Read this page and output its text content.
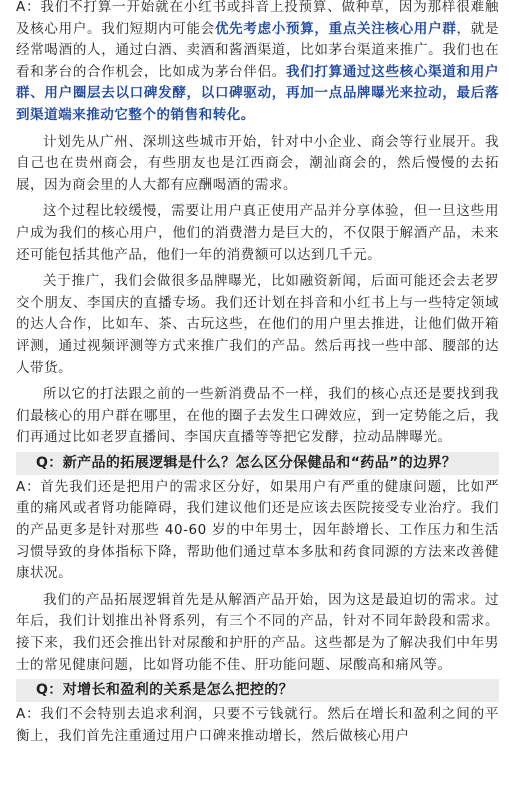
A：我们不打算一开始就在小红书或抖音上投预算、做种草，因为那样很难触及核心用户。我们短期内可能会优先考虑小预算，重点关注核心用户群，就是经常喝酒的人，通过白酒、卖酒和酱酒渠道，比如茅台渠道来推广。我们也在看和茅台的合作机会，比如成为茅台伴侣。我们打算通过这些核心渠道和用户群、用户圈层去以口碑发酵，以口碑驱动，再加一点品牌曝光来拉动，最后落到渠道端来推动它整个的销售和转化。

计划先从广州、深圳这些城市开始，针对中小企业、商会等行业展开。我自己也在贵州商会，有些朋友也是江西商会，潮汕商会的，然后慢慢的去拓展，因为商会里的人大都有应酬喝酒的需求。

这个过程比较缓慢，需要让用户真正使用产品并分享体验，但一旦这些用户成为我们的核心用户，他们的消费潜力是巨大的，不仅限于解酒产品，未来还可能包括其他产品，他们一年的消费额可以达到几千元。

关于推广，我们会做很多品牌曝光，比如融资新闻，后面可能还会去老罗交个朋友、李国庆的直播专场。我们还计划在抖音和小红书上与一些特定领域的达人合作，比如车、茶、古玩这些，在他们的用户里去推进，让他们做开箱评测，通过视频评测等方式来推广我们的产品。然后再找一些中部、腰部的达人带货。

所以它的打法跟之前的一些新消费品不一样，我们的核心点还是要找到我们最核心的用户群在哪里，在他的圈子去发生口碑效应，到一定势能之后，我们再通过比如老罗直播间、李国庆直播等等把它发酵，拉动品牌曝光。

Q：新产品的拓展逻辑是什么？怎么区分保健品和“药品”的边界？

A：首先我们还是把用户的需求区分好，如果用户有严重的健康问题，比如严重的痛风或者肾功能障碍，我们建议他们还是应该去医院接受专业治疗。我们的产品更多是针对那些 40-60 岁的中年男士，因年龄增长、工作压力和生活习惯导致的身体指标下降，帮助他们通过草本多肽和药食同源的方法来改善健康状况。

我们的产品拓展逻辑首先是从解酒产品开始，因为这是最迫切的需求。过年后，我们计划推出补肾系列，有三个不同的产品，针对不同年龄段和需求。接下来，我们还会推出针对尿酸和护肝的产品。这些都是为了解决我们中年男士的常见健康问题，比如肾功能不佳、肝功能问题、尿酸高和痛风等。

Q：对增长和盈利的关系是怎么把控的？

A：我们不会特别去追求利润，只要不亏钱就行。然后在增长和盈利之间的平衡上，我们首先注重通过用户口碑来推动增长，然后做核心用户
